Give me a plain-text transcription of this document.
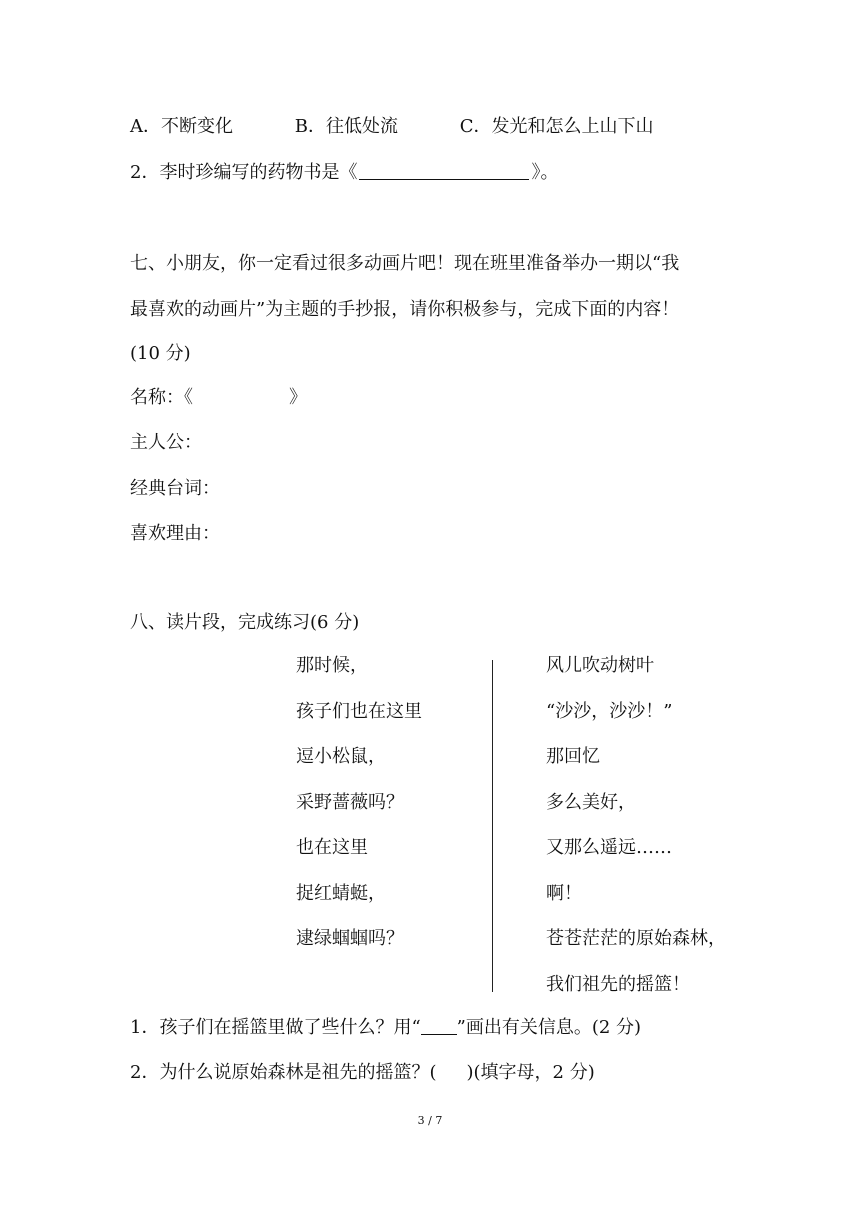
A．不断变化	B．往低处流	C．发光和怎么上山下山
2．李时珍编写的药物书是《	》。
七、小朋友，你一定看过很多动画片吧！现在班里准备举办一期以“我
最喜欢的动画片”为主题的手抄报，请你积极参与，完成下面的内容！
(10 分)
名称：《	》
主人公：
经典台词：
喜欢理由：
八、读片段，完成练习(6 分)
那时候，
孩子们也在这里
逗小松鼠，
采野蔷薇吗？
也在这里
捉红蜻蜓，
逮绿蝈蝈吗？
风儿吹动树叶
“沙沙，沙沙！”
那回忆
多么美好，
又那么遥远……
啊！
苍苍茫茫的原始森林，
我们祖先的摇篮！
1．孩子们在摇篮里做了些什么？用“ ”画出有关信息。(2 分)
2．为什么说原始森林是祖先的摇篮？( )(填字母，2 分)
3 / 7
